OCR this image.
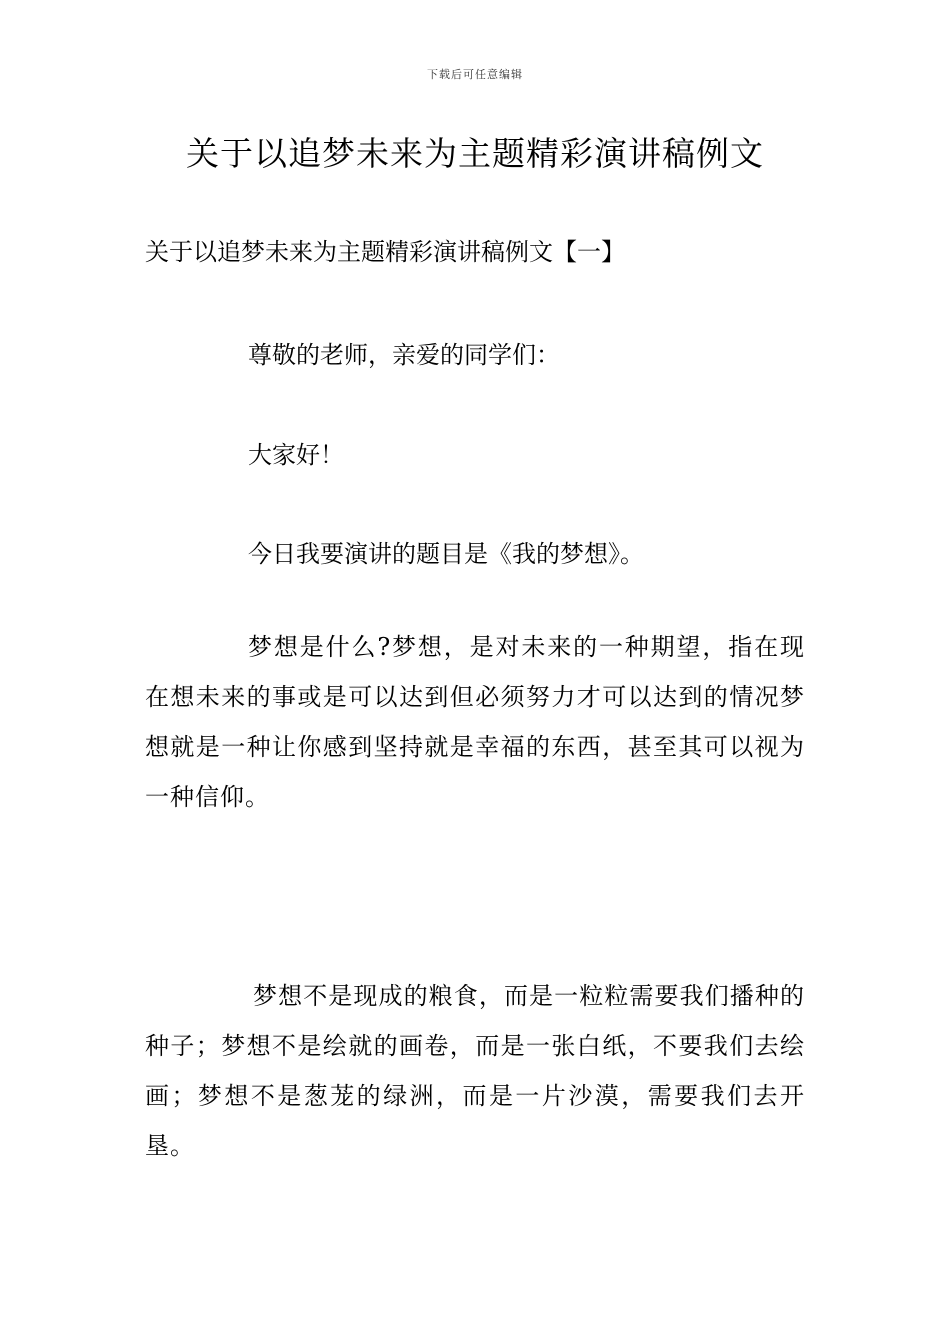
下载后可任意编辑
关于以追梦未来为主题精彩演讲稿例文
关于以追梦未来为主题精彩演讲稿例文【一】

尊敬的老师，亲爱的同学们：

大家好！

今日我要演讲的题目是《我的梦想》。

梦想是什么?梦想，是对未来的一种期望，指在现在想未来的事或是可以达到但必须努力才可以达到的情况梦想就是一种让你感到坚持就是幸福的东西，甚至其可以视为一种信仰。

梦想不是现成的粮食，而是一粒粒需要我们播种的种子；梦想不是绘就的画卷，而是一张白纸，不要我们去绘画；梦想不是葱茏的绿洲，而是一片沙漠，需要我们去开垦。
